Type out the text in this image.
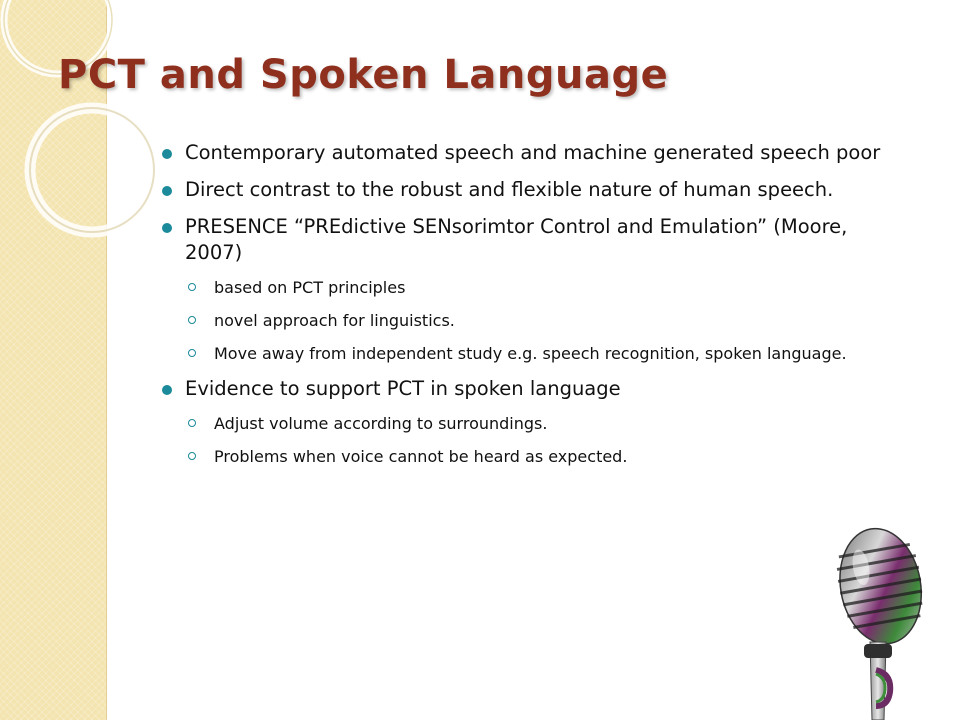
PCT and Spoken Language
Contemporary automated speech and machine generated speech poor
Direct contrast to the robust and flexible nature of human speech.
PRESENCE “PREdictive SENsorimtor Control and Emulation” (Moore, 2007)
based on PCT principles
novel approach for linguistics.
Move away from independent study e.g. speech recognition, spoken language.
Evidence to support PCT in spoken language
Adjust volume according to surroundings.
Problems when voice cannot be heard as expected.
